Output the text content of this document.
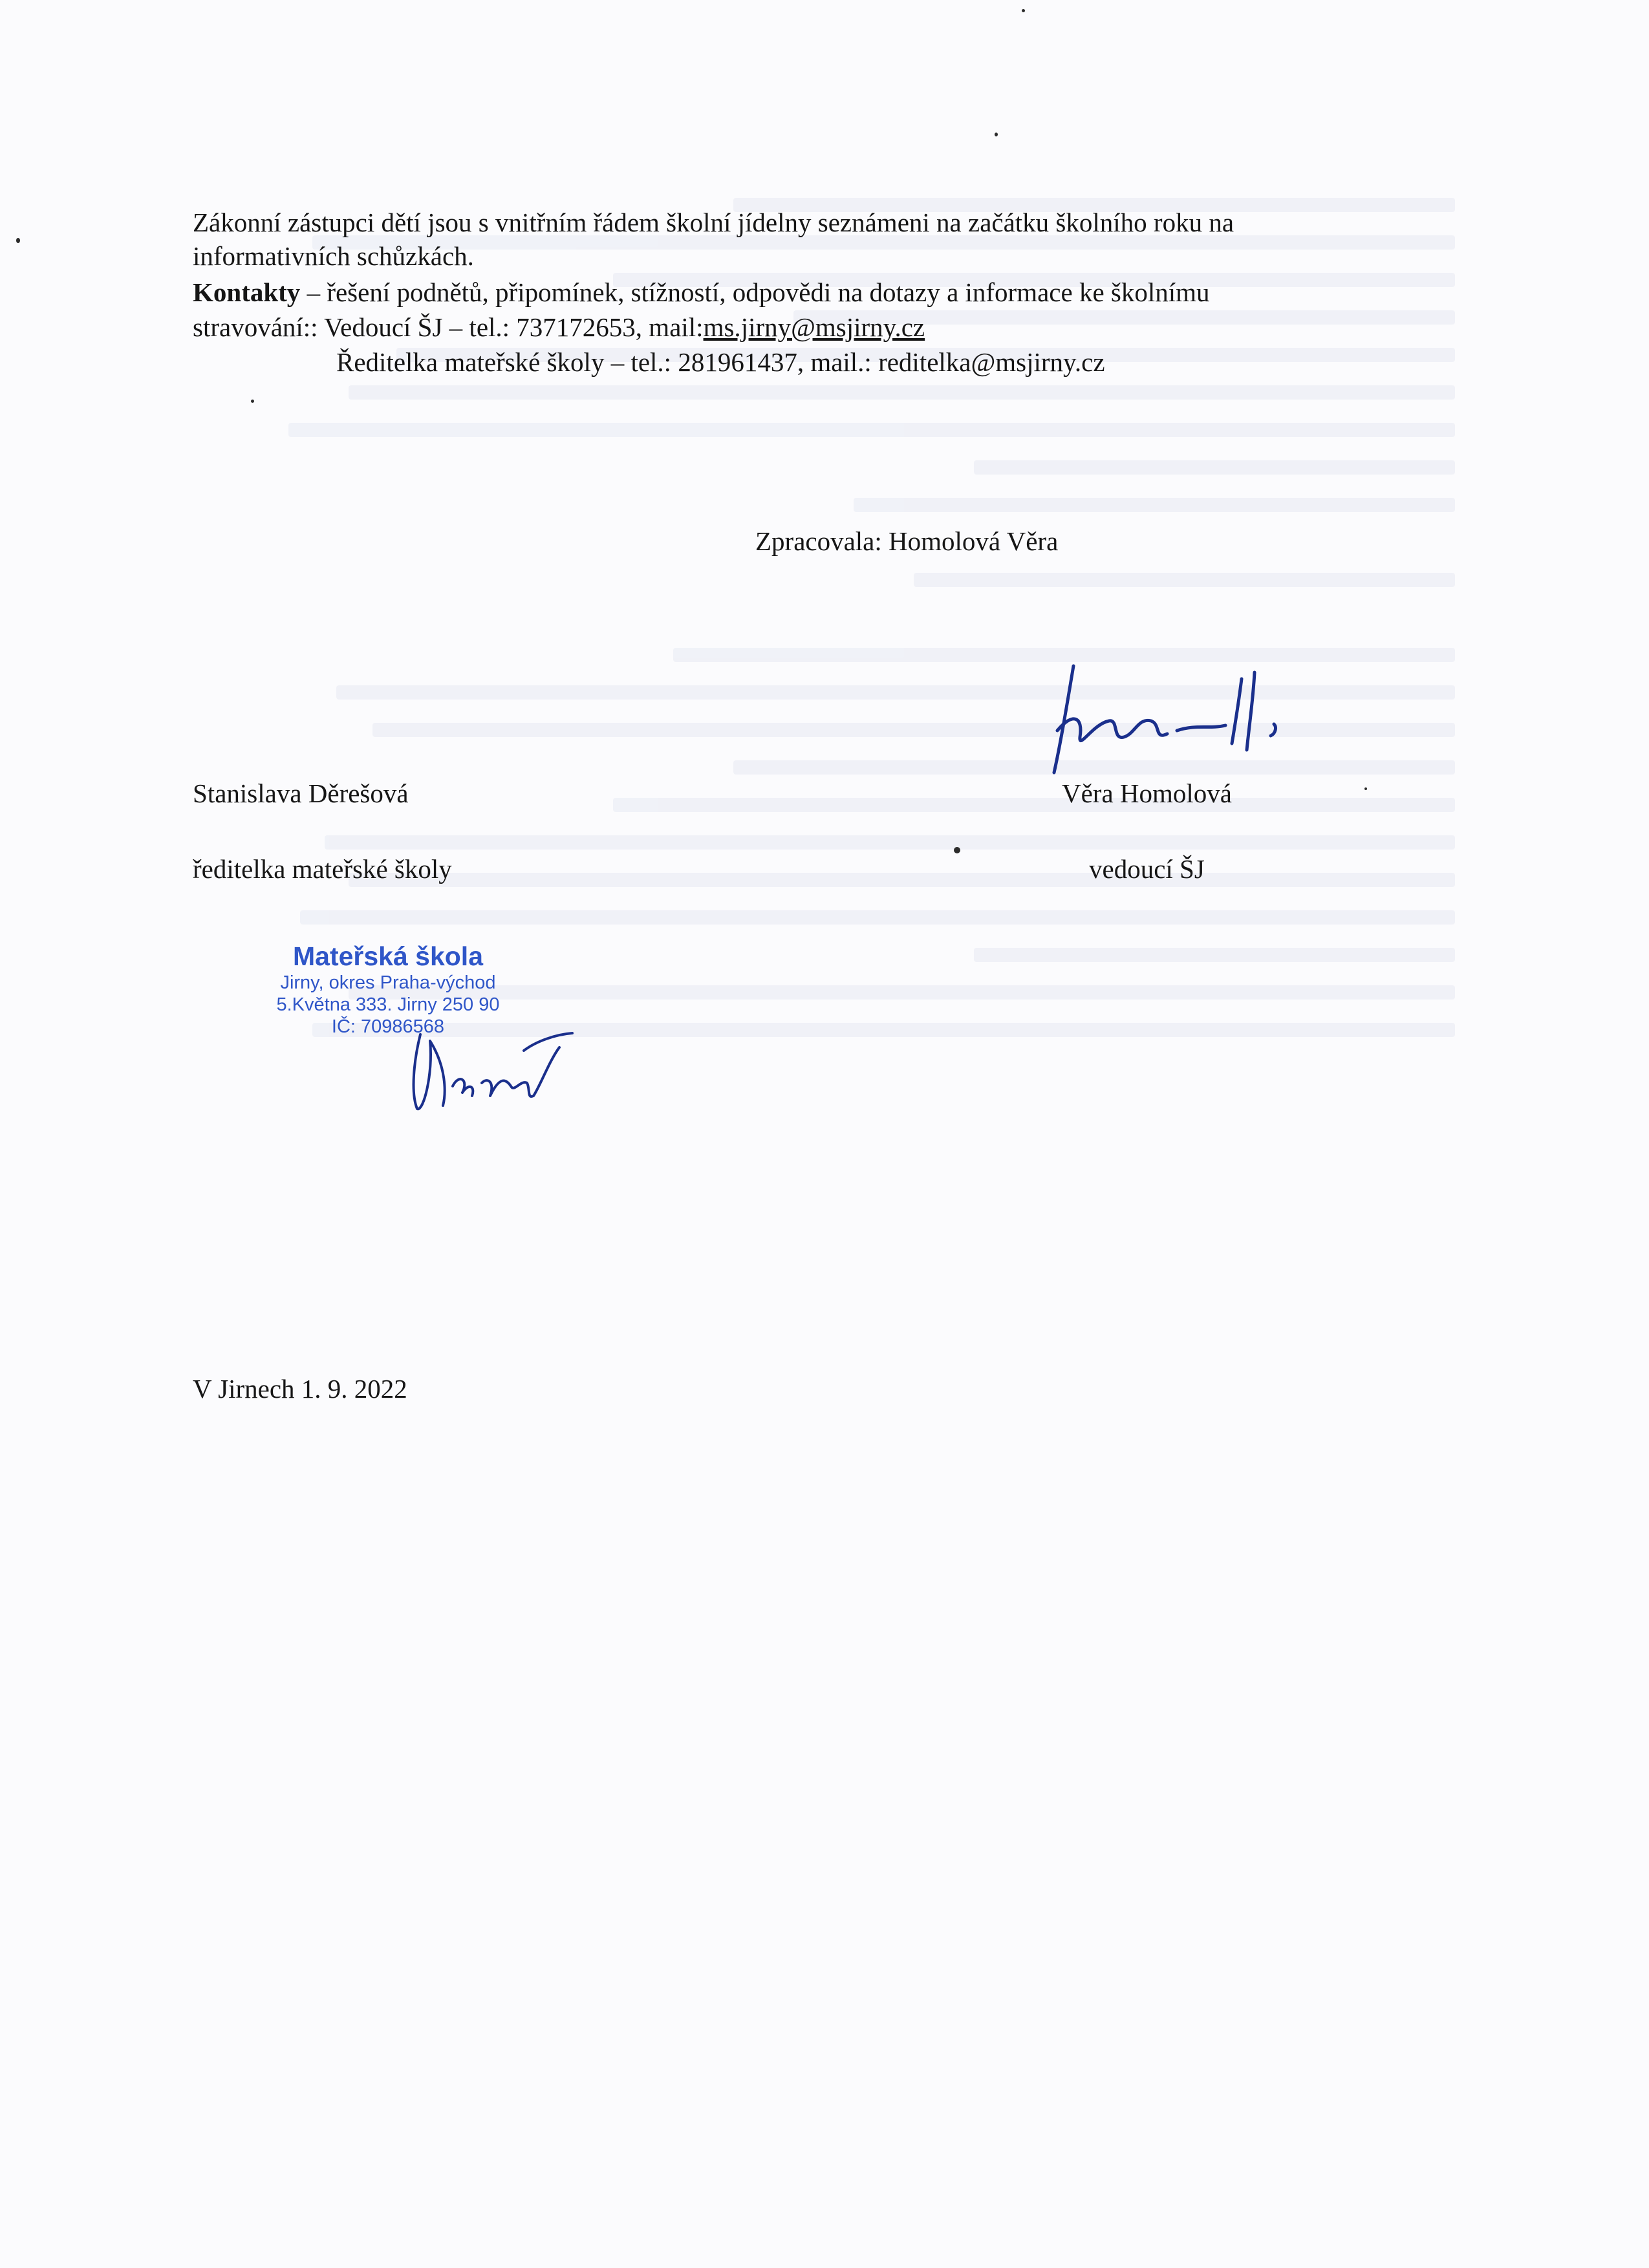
Zákonní zástupci dětí jsou s vnitřním řádem školní jídelny seznámeni na začátku školního roku na
informativních schůzkách.
Kontakty – řešení podnětů, připomínek, stížností, odpovědi na dotazy a informace ke školnímu
stravování:: Vedoucí ŠJ – tel.: 737172653, mail:ms.jirny@msjirny.cz
Ředitelka mateřské školy – tel.: 281961437, mail.: reditelka@msjirny.cz
Zpracovala: Homolová Věra
Stanislava Děrešová	Věra Homolová
ředitelka mateřské školy	vedoucí ŠJ
Mateřská škola
Jirny, okres Praha-východ
5.Května 333. Jirny 250 90
IČ: 70986568
V Jirnech 1. 9. 2022
